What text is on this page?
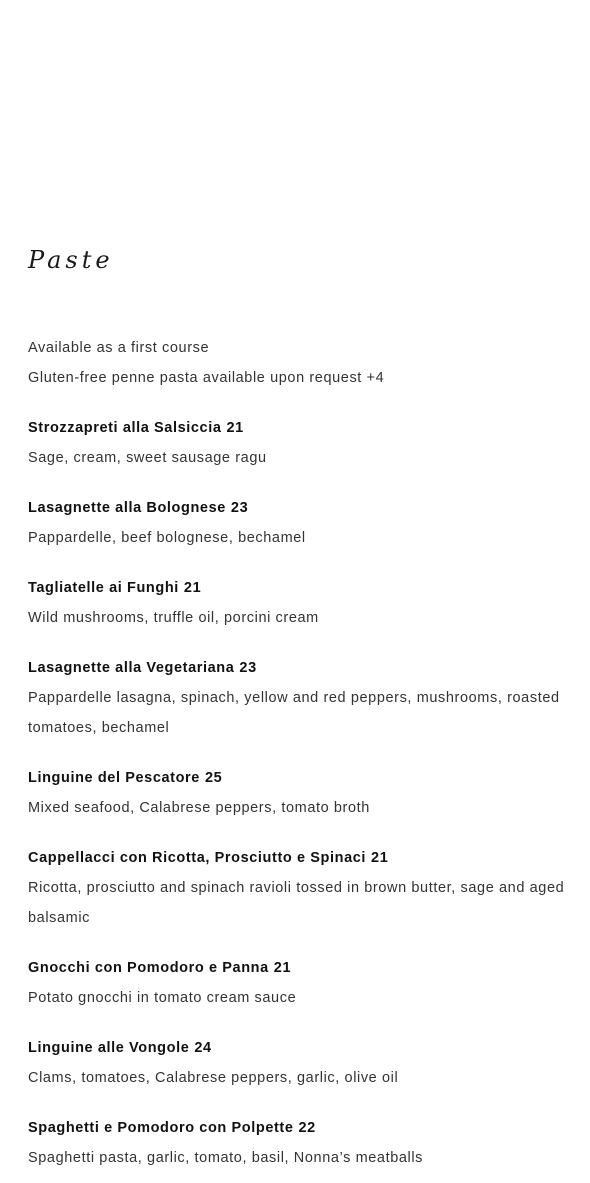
Paste
Available as a first course
Gluten-free penne pasta available upon request +4
Strozzapreti alla Salsiccia 21
Sage, cream, sweet sausage ragu
Lasagnette alla Bolognese 23
Pappardelle, beef bolognese, bechamel
Tagliatelle ai Funghi 21
Wild mushrooms, truffle oil, porcini cream
Lasagnette alla Vegetariana 23
Pappardelle lasagna, spinach, yellow and red peppers, mushrooms, roasted tomatoes, bechamel
Linguine del Pescatore 25
Mixed seafood, Calabrese peppers, tomato broth
Cappellacci con Ricotta, Prosciutto e Spinaci 21
Ricotta, prosciutto and spinach ravioli tossed in brown butter, sage and aged balsamic
Gnocchi con Pomodoro e Panna 21
Potato gnocchi in tomato cream sauce
Linguine alle Vongole 24
Clams, tomatoes, Calabrese peppers, garlic, olive oil
Spaghetti e Pomodoro con Polpette 22
Spaghetti pasta, garlic, tomato, basil, Nonna’s meatballs
